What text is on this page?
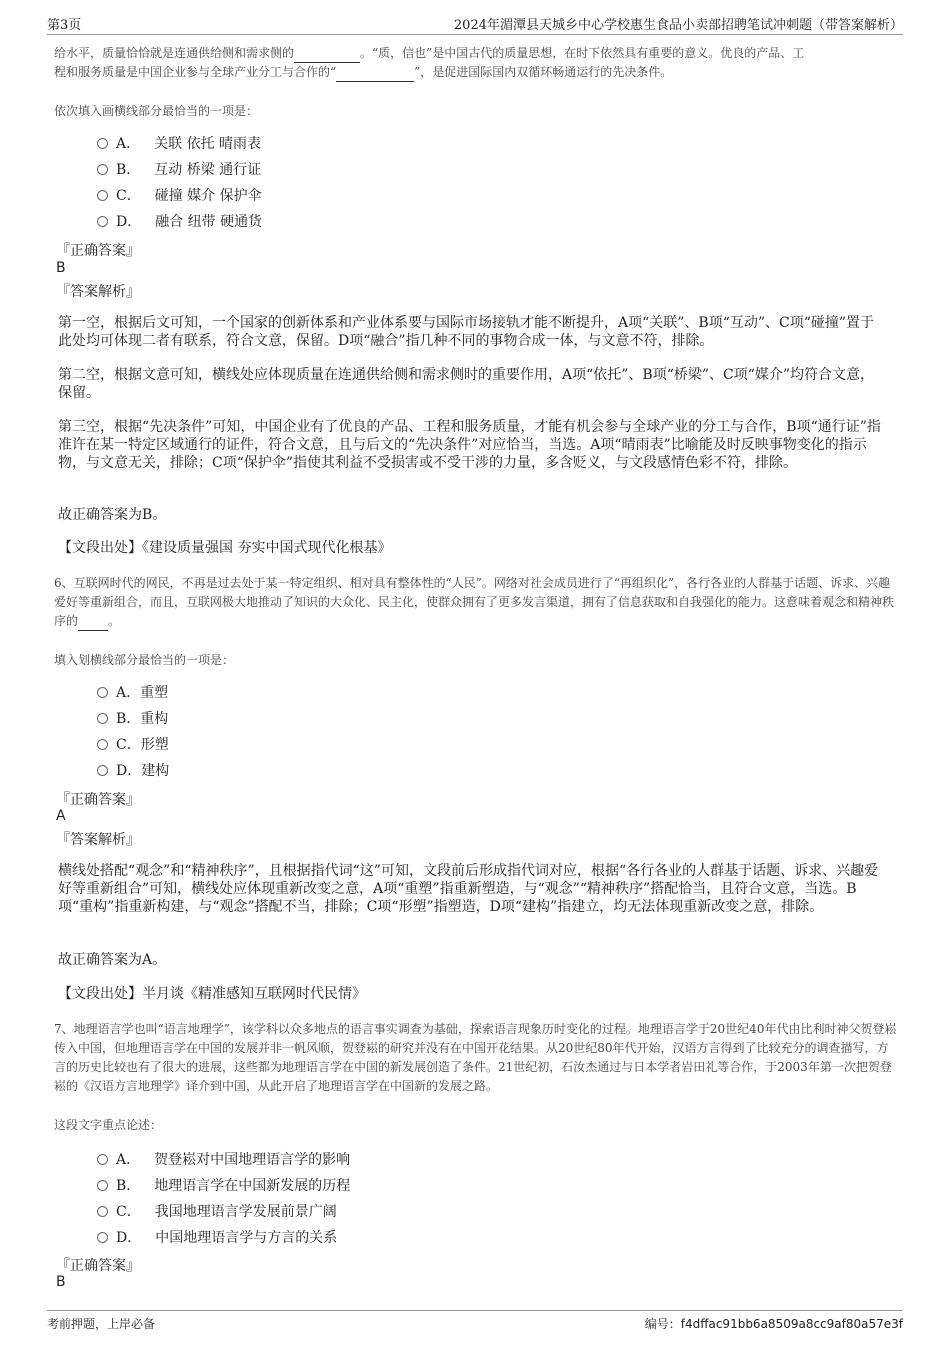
第3页	2024年湄潭县天城乡中心学校惠生食品小卖部招聘笔试冲刺题（带答案解析）
给水平，质量恰恰就是连通供给侧和需求侧的	。“质，信也”是中国古代的质量思想，在时下依然具有重要的意义。优良的产品、工
程和服务质量是中国企业参与全球产业分工与合作的“	”，是促进国际国内双循环畅通运行的先决条件。
依次填入画横线部分最恰当的一项是：
A． 关联 依托 晴雨表
B． 互动 桥梁 通行证
C． 碰撞 媒介 保护伞
D． 融合 纽带 硬通货
『正确答案』
B
『答案解析』
第一空，根据后文可知，一个国家的创新体系和产业体系要与国际市场接轨才能不断提升，A项“关联”、B项“互动”、C项“碰撞”置于此处均可体现二者有联系，符合文意，保留。D项“融合”指几种不同的事物合成一体，与文意不符，排除。
第二空，根据文意可知，横线处应体现质量在连通供给侧和需求侧时的重要作用，A项“依托”、B项“桥梁”、C项“媒介”均符合文意，保留。
第三空，根据“先决条件”可知，中国企业有了优良的产品、工程和服务质量，才能有机会参与全球产业的分工与合作，B项“通行证”指准许在某一特定区域通行的证件，符合文意，且与后文的“先决条件”对应恰当，当选。A项“晴雨表”比喻能及时反映事物变化的指示物，与文意无关，排除；C项“保护伞”指使其利益不受损害或不受干涉的力量，多含贬义，与文段感情色彩不符，排除。
故正确答案为B。
【文段出处】《建设质量强国 夯实中国式现代化根基》
6、互联网时代的网民，不再是过去处于某一特定组织、相对具有整体性的“人民”。网络对社会成员进行了“再组织化”，各行各业的人群基于话题、诉求、兴趣爱好等重新组合，而且，互联网极大地推动了知识的大众化、民主化，使群众拥有了更多发言渠道，拥有了信息获取和自我强化的能力。这意味着观念和精神秩序的	。
填入划横线部分最恰当的一项是：
A．重塑
B．重构
C．形塑
D．建构
『正确答案』
A
『答案解析』
横线处搭配“观念”和“精神秩序”，且根据指代词“这”可知，文段前后形成指代词对应，根据“各行各业的人群基于话题、诉求、兴趣爱好等重新组合”可知，横线处应体现重新改变之意，A项“重塑”指重新塑造，与“观念”“精神秩序”搭配恰当，且符合文意，当选。B项“重构”指重新构建，与“观念”搭配不当，排除；C项“形塑”指塑造，D项“建构”指建立，均无法体现重新改变之意，排除。
故正确答案为A。
【文段出处】半月谈《精准感知互联网时代民情》
7、地理语言学也叫“语言地理学”，该学科以众多地点的语言事实调查为基础，探索语言现象历时变化的过程。地理语言学于20世纪40年代由比利时神父贺登崧传入中国，但地理语言学在中国的发展并非一帆风顺，贺登崧的研究并没有在中国开花结果。从20世纪80年代开始，汉语方言得到了比较充分的调查描写，方言的历史比较也有了很大的进展，这些都为地理语言学在中国的新发展创造了条件。21世纪初，石汝杰通过与日本学者岩田礼等合作，于2003年第一次把贺登崧的《汉语方言地理学》译介到中国，从此开启了地理语言学在中国新的发展之路。
这段文字重点论述：
A． 贺登崧对中国地理语言学的影响
B． 地理语言学在中国新发展的历程
C． 我国地理语言学发展前景广阔
D． 中国地理语言学与方言的关系
『正确答案』
B
考前押题，上岸必备	编号：f4dffac91bb6a8509a8cc9af80a57e3f
